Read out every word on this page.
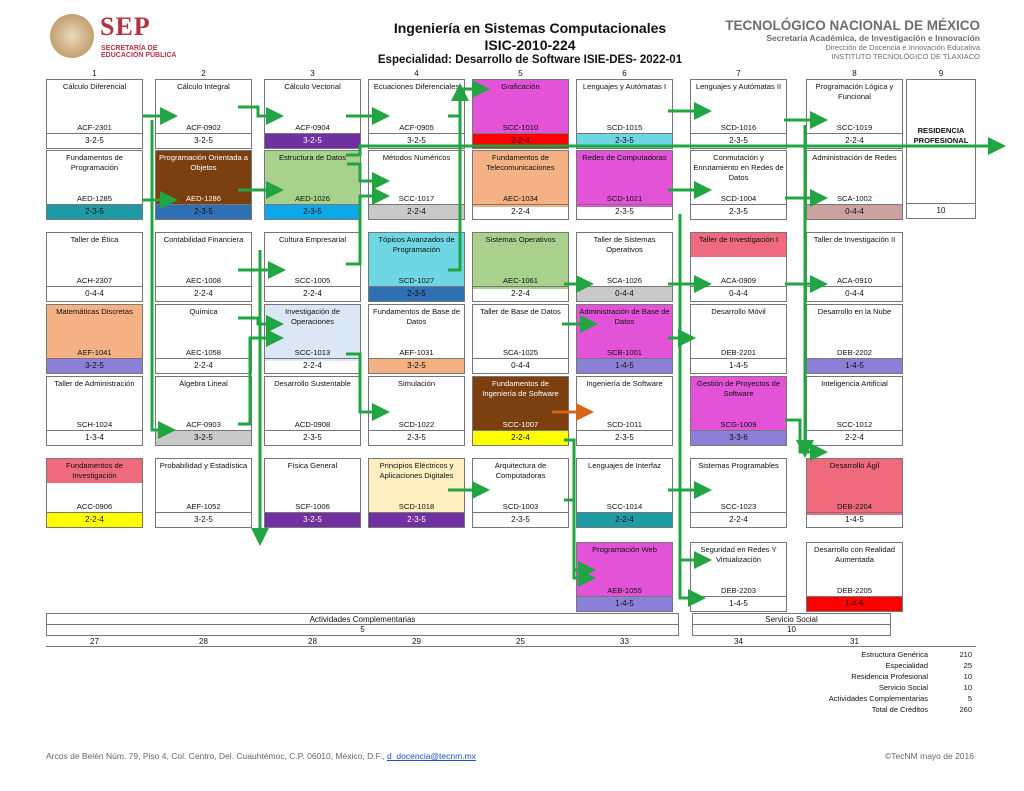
SEP
SECRETARÍA DE
EDUCACIÓN PÚBLICA
Ingeniería en Sistemas Computacionales
ISIC-2010-224
Especialidad: Desarrollo de Software ISIE-DES- 2022-01
TECNOLÓGICO NACIONAL DE MÉXICO
Secretaría Académica, de Investigación e Innovación
Dirección de Docencia e Innovación Educativa
INSTITUTO TECNOLÓGICO DE TLAXIACO
1	2	3	4	5	6	7	8	9
Cálculo Diferencial
ACF-2301
3-2-5
Cálculo Integral
ACF-0902
3-2-5
Cálculo Vectorial
ACF-0904
3-2-5
Ecuaciones Diferenciales
ACF-0905
3-2-5
Graficación
SCC-1010
2-2-4
Lenguajes y Autómatas I
SCD-1015
2-3-5
Lenguajes y Autómatas II
SCD-1016
2-3-5
Programación Lógica y Funcional
SCC-1019
2-2-4
Fundamentos de Programación
AED-1285
2-3-5
Programación Orientada a Objetos
AED-1286
2-3-5
Estructura de Datos
AED-1026
2-3-5
Métodos Numéricos
SCC-1017
2-2-4
Fundamentos de Telecomunicaciones
AEC-1034
2-2-4
Redes de Computadoras
SCD-1021
2-3-5
Conmutación y Enrutamiento en Redes de Datos
SCD-1004
2-3-5
Administración de Redes
SCA-1002
0-4-4
Taller de Ética
ACH-2307
0-4-4
Contabilidad Financiera
AEC-1008
2-2-4
Cultura Empresarial
SCC-1005
2-2-4
Tópicos Avanzados de Programación
SCD-1027
2-3-5
Sistemas Operativos
AEC-1061
2-2-4
Taller de Sistemas Operativos
SCA-1026
0-4-4
Taller de Investigación I
ACA-0909
0-4-4
Taller de Investigación II
ACA-0910
0-4-4
Matemáticas Discretas
AEF-1041
3-2-5
Química
AEC-1058
2-2-4
Investigación de Operaciones
SCC-1013
2-2-4
Fundamentos de Base de Datos
AEF-1031
3-2-5
Taller de Base de Datos
SCA-1025
0-4-4
Administración de Base de Datos
SCB-1001
1-4-5
Desarrollo Móvil
DEB-2201
1-4-5
Desarrollo en la Nube
DEB-2202
1-4-5
Taller de Administración
SCH-1024
1-3-4
Álgebra Lineal
ACF-0903
3-2-5
Desarrollo Sustentable
ACD-0908
2-3-5
Simulación
SCD-1022
2-3-5
Fundamentos de Ingeniería de Software
SCC-1007
2-2-4
Ingeniería de Software
SCD-1011
2-3-5
Gestión de Proyectos de Software
SCG-1009
3-3-6
Inteligencia Artificial
SCC-1012
2-2-4
Fundamentos de Investigación
ACC-0906
2-2-4
Probabilidad y Estadística
AEF-1052
3-2-5
Física General
SCF-1006
3-2-5
Principios Eléctricos y Aplicaciones Digitales
SCD-1018
2-3-5
Arquitectura de Computadoras
SCD-1003
2-3-5
Lenguajes de Interfaz
SCC-1014
2-2-4
Sistemas Programables
SCC-1023
2-2-4
Desarrollo Ágil
DEB-2204
1-4-5
Programación Web
AEB-1055
1-4-5
Seguridad en Redes Y Virtualización
DEB-2203
1-4-5
Desarrollo con Realidad Aumentada
DEB-2205
1-4-5
RESIDENCIA
PROFESIONAL
10
Actividades Complementarias
5
Servicio Social
10
27	28	28	29	25	33	34	31
Estructura Genérica	210
Especialidad	25
Residencia Profesional	10
Servicio Social	10
Actividades Complementarias	5
Total de Créditos	260
Arcos de Belén Núm. 79, Piso 4, Col. Centro, Del. Cuauhtémoc, C.P. 06010, México, D.F., d_docencia@tecnm.mx	©TecNM mayo de 2016
